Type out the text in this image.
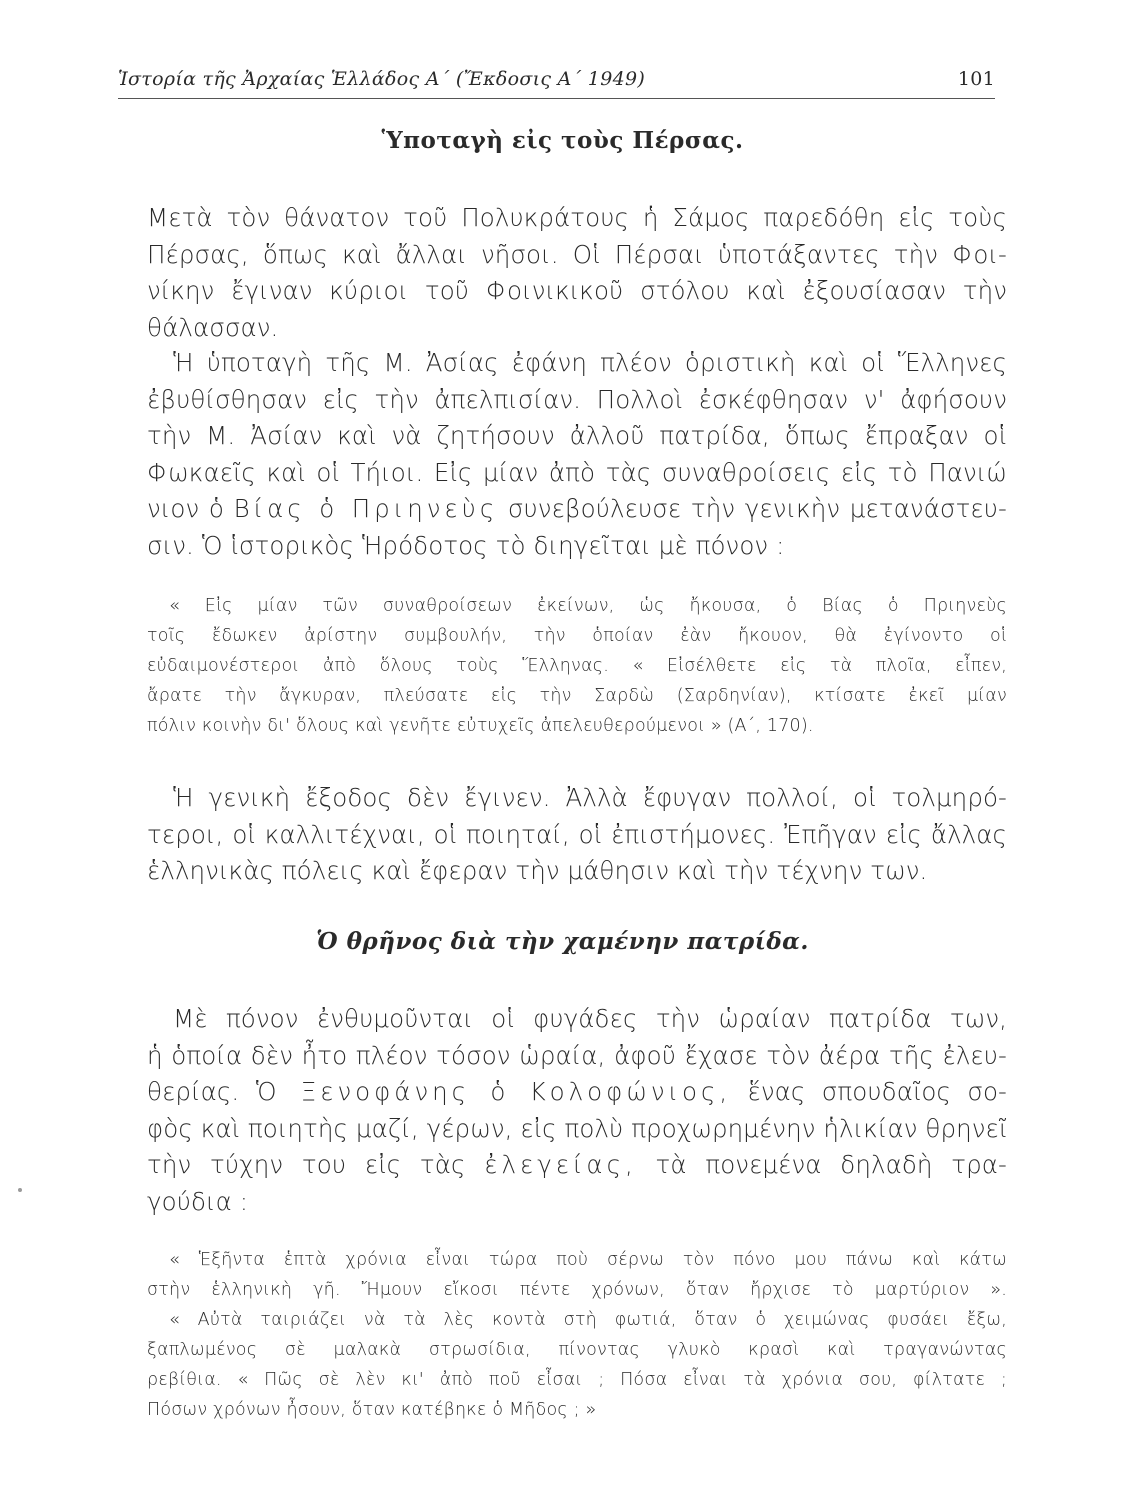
Ἱστορία τῆς Ἀρχαίας Ἑλλάδος Α΄ (Ἔκδοσις Α΄ 1949)	101
Ὑποταγὴ εἰς τοὺς Πέρσας.
Μετὰ τὸν θάνατον τοῦ Πολυκράτους ἡ Σάμος παρεδόθη εἰς τοὺς
Πέρσας, ὅπως καὶ ἄλλαι νῆσοι. Οἱ Πέρσαι ὑποτάξαντες τὴν Φοι-
νίκην ἔγιναν κύριοι τοῦ Φοινικικοῦ στόλου καὶ ἐξουσίασαν τὴν
θάλασσαν.
Ἡ ὑποταγὴ τῆς Μ. Ἀσίας ἐφάνη πλέον ὁριστικὴ καὶ οἱ Ἕλληνες
ἐβυθίσθησαν εἰς τὴν ἀπελπισίαν. Πολλοὶ ἐσκέφθησαν ν' ἀφήσουν
τὴν Μ. Ἀσίαν καὶ νὰ ζητήσουν ἀλλοῦ πατρίδα, ὅπως ἔπραξαν οἱ
Φωκαεῖς καὶ οἱ Τήιοι. Εἰς μίαν ἀπὸ τὰς συναθροίσεις εἰς τὸ Πανιώ
νιον ὁ Βίας ὁ Πριηνεὺς συνεβούλευσε τὴν γενικὴν μετανάστευ-
σιν. Ὁ ἱστορικὸς Ἡρόδοτος τὸ διηγεῖται μὲ πόνον :
« Εἰς μίαν τῶν συναθροίσεων ἐκείνων, ὡς ἤκουσα, ὁ Βίας ὁ Πριηνεὺς
τοῖς ἔδωκεν ἀρίστην συμβουλήν, τὴν ὁποίαν ἐὰν ἤκουον, θὰ ἐγίνοντο οἱ
εὐδαιμονέστεροι ἀπὸ ὅλους τοὺς Ἕλληνας. « Εἰσέλθετε εἰς τὰ πλοῖα, εἶπεν,
ἄρατε τὴν ἄγκυραν, πλεύσατε εἰς τὴν Σαρδὼ (Σαρδηνίαν), κτίσατε ἐκεῖ μίαν
πόλιν κοινὴν δι' ὅλους καὶ γενῆτε εὐτυχεῖς ἀπελευθερούμενοι » (Α΄, 170).
Ἡ γενικὴ ἔξοδος δὲν ἔγινεν. Ἀλλὰ ἔφυγαν πολλοί, οἱ τολμηρό-
τεροι, οἱ καλλιτέχναι, οἱ ποιηταί, οἱ ἐπιστήμονες. Ἐπῆγαν εἰς ἄλλας
ἑλληνικὰς πόλεις καὶ ἔφεραν τὴν μάθησιν καὶ τὴν τέχνην των.
Ὁ θρῆνος διὰ τὴν χαμένην πατρίδα.
Μὲ πόνον ἐνθυμοῦνται οἱ φυγάδες τὴν ὡραίαν πατρίδα των,
ἡ ὁποία δὲν ἦτο πλέον τόσον ὡραία, ἀφοῦ ἔχασε τὸν ἀέρα τῆς ἐλευ-
θερίας. Ὁ Ξενοφάνης ὁ Κολοφώνιος, ἕνας σπουδαῖος σο-
φὸς καὶ ποιητὴς μαζί, γέρων, εἰς πολὺ προχωρημένην ἡλικίαν θρηνεῖ
τὴν τύχην του εἰς τὰς ἐλεγείας, τὰ πονεμένα δηλαδὴ τρα-
γούδια :
« Ἑξῆντα ἑπτὰ χρόνια εἶναι τώρα ποὺ σέρνω τὸν πόνο μου πάνω καὶ κάτω
στὴν ἑλληνικὴ γῆ. Ἤμουν εἴκοσι πέντε χρόνων, ὅταν ἤρχισε τὸ μαρτύριον ».
« Αὐτὰ ταιριάζει νὰ τὰ λὲς κοντὰ στὴ φωτιά, ὅταν ὁ χειμώνας φυσάει ἔξω,
ξαπλωμένος σὲ μαλακὰ στρωσίδια, πίνοντας γλυκὸ κρασὶ καὶ τραγανώντας
ρεβίθια. « Πῶς σὲ λὲν κι' ἀπὸ ποῦ εἶσαι ; Πόσα εἶναι τὰ χρόνια σου, φίλτατε ;
Πόσων χρόνων ἦσουν, ὅταν κατέβηκε ὁ Μῆδος ; »
